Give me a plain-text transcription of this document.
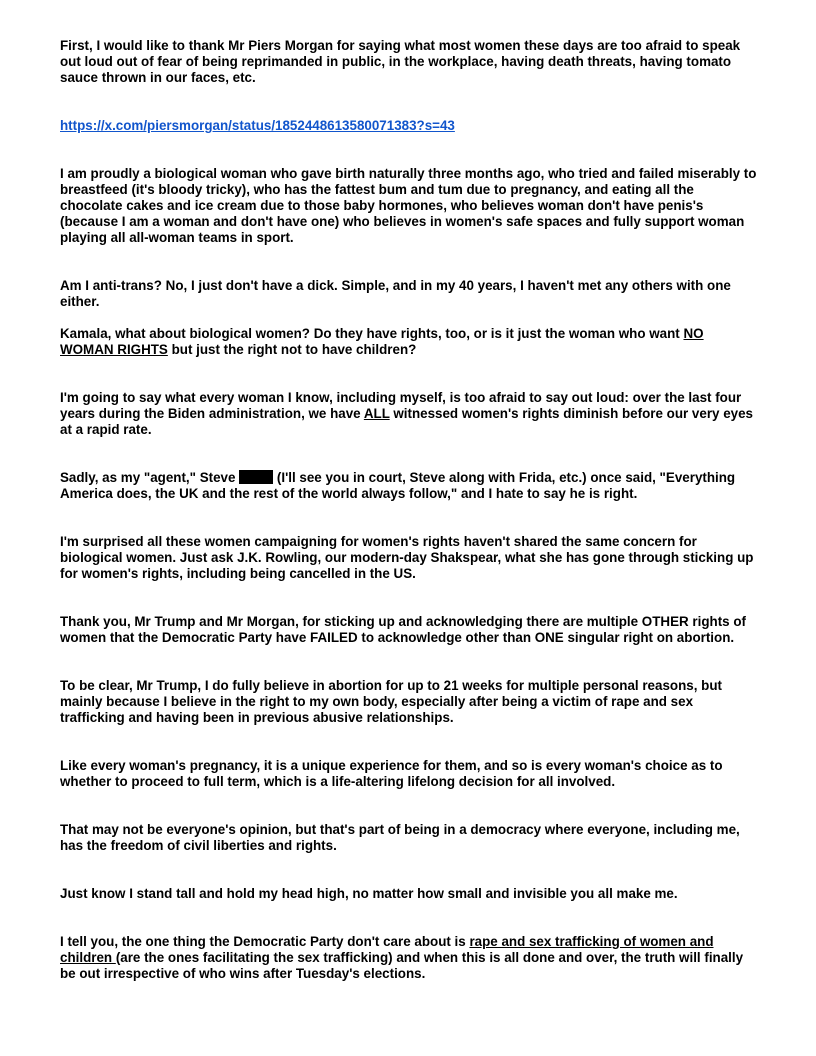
First, I would like to thank Mr Piers Morgan for saying what most women these days are too afraid to speak out loud out of fear of being reprimanded in public, in the workplace, having death threats, having tomato sauce thrown in our faces, etc.

https://x.com/piersmorgan/status/1852448613580071383?s=43

I am proudly a biological woman who gave birth naturally three months ago, who tried and failed miserably to breastfeed (it's bloody tricky), who has the fattest bum and tum due to pregnancy, and eating all the chocolate cakes and ice cream due to those baby hormones, who believes woman don't have penis's (because I am a woman and don't have one) who believes in women's safe spaces and fully support woman playing all all-woman teams in sport.

Am I anti-trans? No, I just don't have a dick. Simple, and in my 40 years, I haven't met any others with one either.

Kamala, what about biological women? Do they have rights, too, or is it just the woman who want NO WOMAN RIGHTS but just the right not to have children?

I'm going to say what every woman I know, including myself, is too afraid to say out loud: over the last four years during the Biden administration, we have ALL witnessed women's rights diminish before our very eyes at a rapid rate.

Sadly, as my "agent," Steve	(I'll see you in court, Steve along with Frida, etc.) once said, "Everything America does, the UK and the rest of the world always follow," and I hate to say he is right.

I'm surprised all these women campaigning for women's rights haven't shared the same concern for biological women. Just ask J.K. Rowling, our modern-day Shakspear, what she has gone through sticking up for women's rights, including being cancelled in the US.

Thank you, Mr Trump and Mr Morgan, for sticking up and acknowledging there are multiple OTHER rights of women that the Democratic Party have FAILED to acknowledge other than ONE singular right on abortion.

To be clear, Mr Trump, I do fully believe in abortion for up to 21 weeks for multiple personal reasons, but mainly because I believe in the right to my own body, especially after being a victim of rape and sex trafficking and having been in previous abusive relationships.

Like every woman's pregnancy, it is a unique experience for them, and so is every woman's choice as to whether to proceed to full term, which is a life-altering lifelong decision for all involved.

That may not be everyone's opinion, but that's part of being in a democracy where everyone, including me, has the freedom of civil liberties and rights.

Just know I stand tall and hold my head high, no matter how small and invisible you all make me.

I tell you, the one thing the Democratic Party don't care about is rape and sex trafficking of women and children (are the ones facilitating the sex trafficking) and when this is all done and over, the truth will finally be out irrespective of who wins after Tuesday's elections.
